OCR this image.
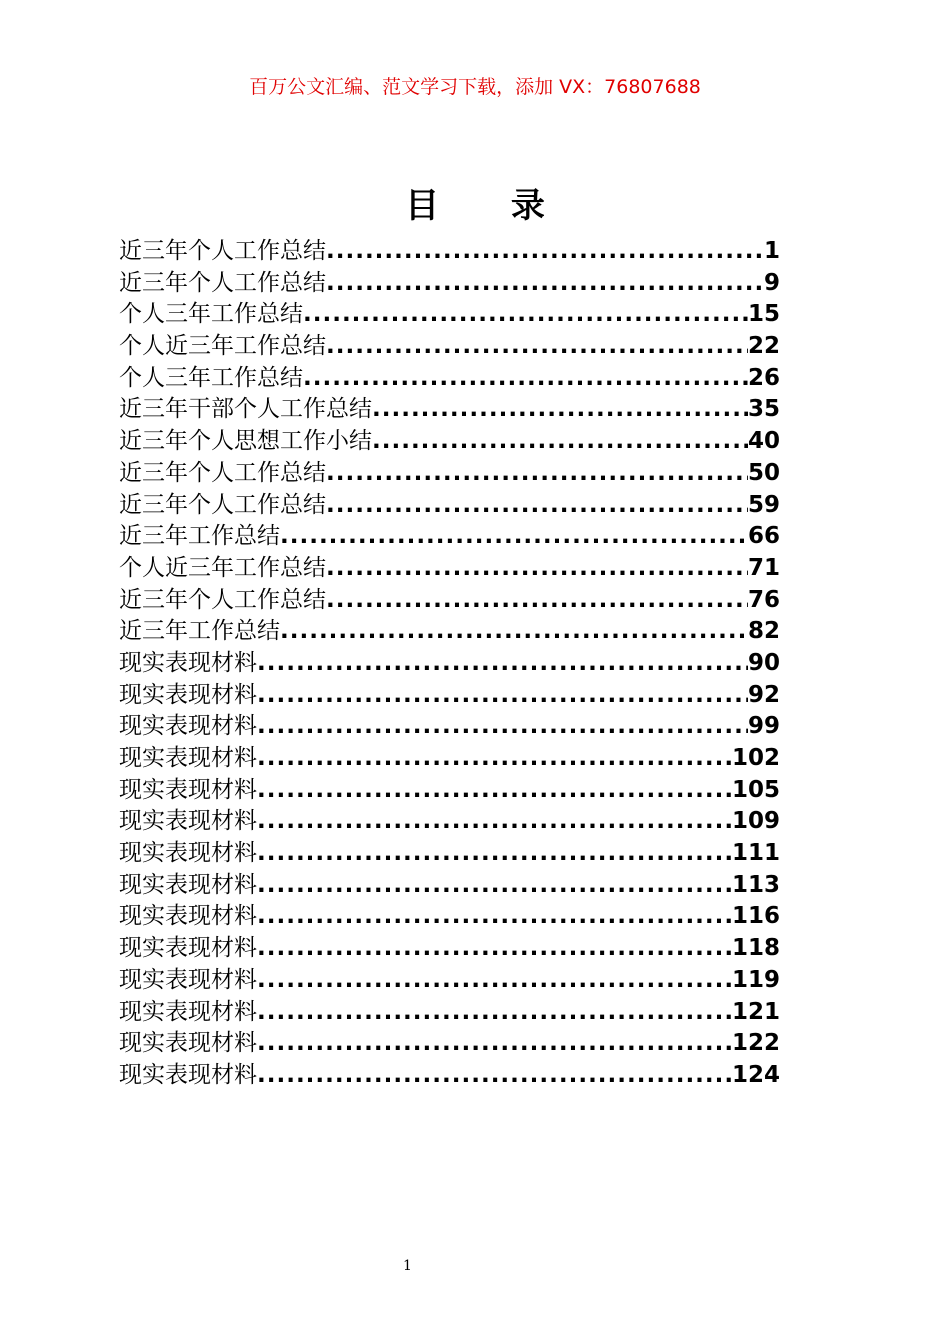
百万公文汇编、范文学习下载，添加 VX：76807688
目 录
近三年个人工作总结 .....	1
近三年个人工作总结 .....	9
个人三年工作总结 .....	15
个人近三年工作总结 .....	22
个人三年工作总结 .....	26
近三年干部个人工作总结 .....	35
近三年个人思想工作小结 .....	40
近三年个人工作总结 .....	50
近三年个人工作总结 .....	59
近三年工作总结 .....	66
个人近三年工作总结 .....	71
近三年个人工作总结 .....	76
近三年工作总结 .....	82
现实表现材料 .....	90
现实表现材料 .....	92
现实表现材料 .....	99
现实表现材料 .....	102
现实表现材料 .....	105
现实表现材料 .....	109
现实表现材料 .....	111
现实表现材料 .....	113
现实表现材料 .....	116
现实表现材料 .....	118
现实表现材料 .....	119
现实表现材料 .....	121
现实表现材料 .....	122
现实表现材料 .....	124
1
